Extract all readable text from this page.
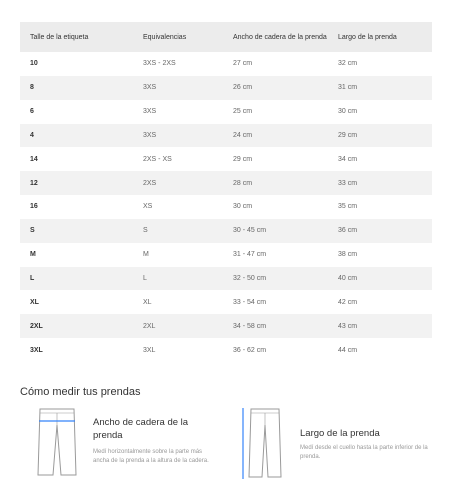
Talle de la etiqueta	Equivalencias	Ancho de cadera de la prenda	Largo de la prenda
10	3XS - 2XS	27 cm	32 cm
8	3XS	26 cm	31 cm
6	3XS	25 cm	30 cm
4	3XS	24 cm	29 cm
14	2XS - XS	29 cm	34 cm
12	2XS	28 cm	33 cm
16	XS	30 cm	35 cm
S	S	30 - 45 cm	36 cm
M	M	31 - 47 cm	38 cm
L	L	32 - 50 cm	40 cm
XL	XL	33 - 54 cm	42 cm
2XL	2XL	34 - 58 cm	43 cm
3XL	3XL	36 - 62 cm	44 cm
Cómo medir tus prendas
Ancho de cadera de la prenda
Medí horizontalmente sobre la parte más ancha de la prenda a la altura de la cadera.
Largo de la prenda
Medí desde el cuello hasta la parte inferior de la prenda.
